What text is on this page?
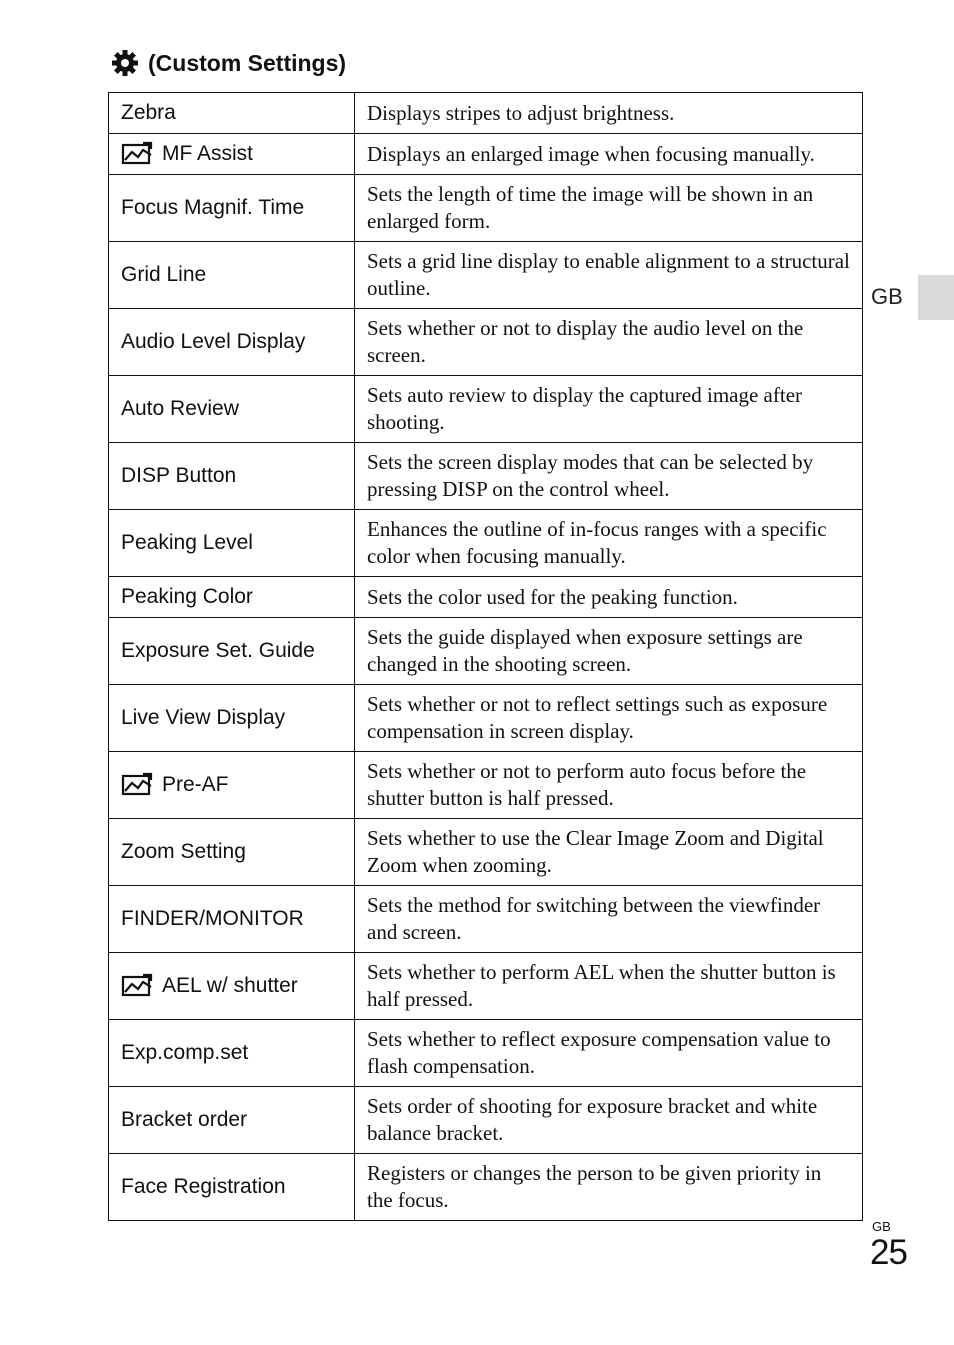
(Custom Settings)
Zebra	Displays stripes to adjust brightness.

MF Assist	Displays an enlarged image when focusing manually.

Focus Magnif. Time	Sets the length of time the image will be shown in an enlarged form.

Grid Line	Sets a grid line display to enable alignment to a structural outline.

Audio Level Display	Sets whether or not to display the audio level on the screen.

Auto Review	Sets auto review to display the captured image after shooting.

DISP Button	Sets the screen display modes that can be selected by pressing DISP on the control wheel.

Peaking Level	Enhances the outline of in-focus ranges with a specific color when focusing manually.

Peaking Color	Sets the color used for the peaking function.

Exposure Set. Guide	Sets the guide displayed when exposure settings are changed in the shooting screen.

Live View Display	Sets whether or not to reflect settings such as exposure compensation in screen display.

Pre-AF	Sets whether or not to perform auto focus before the shutter button is half pressed.

Zoom Setting	Sets whether to use the Clear Image Zoom and Digital Zoom when zooming.

FINDER/MONITOR	Sets the method for switching between the viewfinder and screen.

AEL w/ shutter	Sets whether to perform AEL when the shutter button is half pressed.

Exp.comp.set	Sets whether to reflect exposure compensation value to flash compensation.

Bracket order	Sets order of shooting for exposure bracket and white balance bracket.

Face Registration	Registers or changes the person to be given priority in the focus.
GB
GB
25
